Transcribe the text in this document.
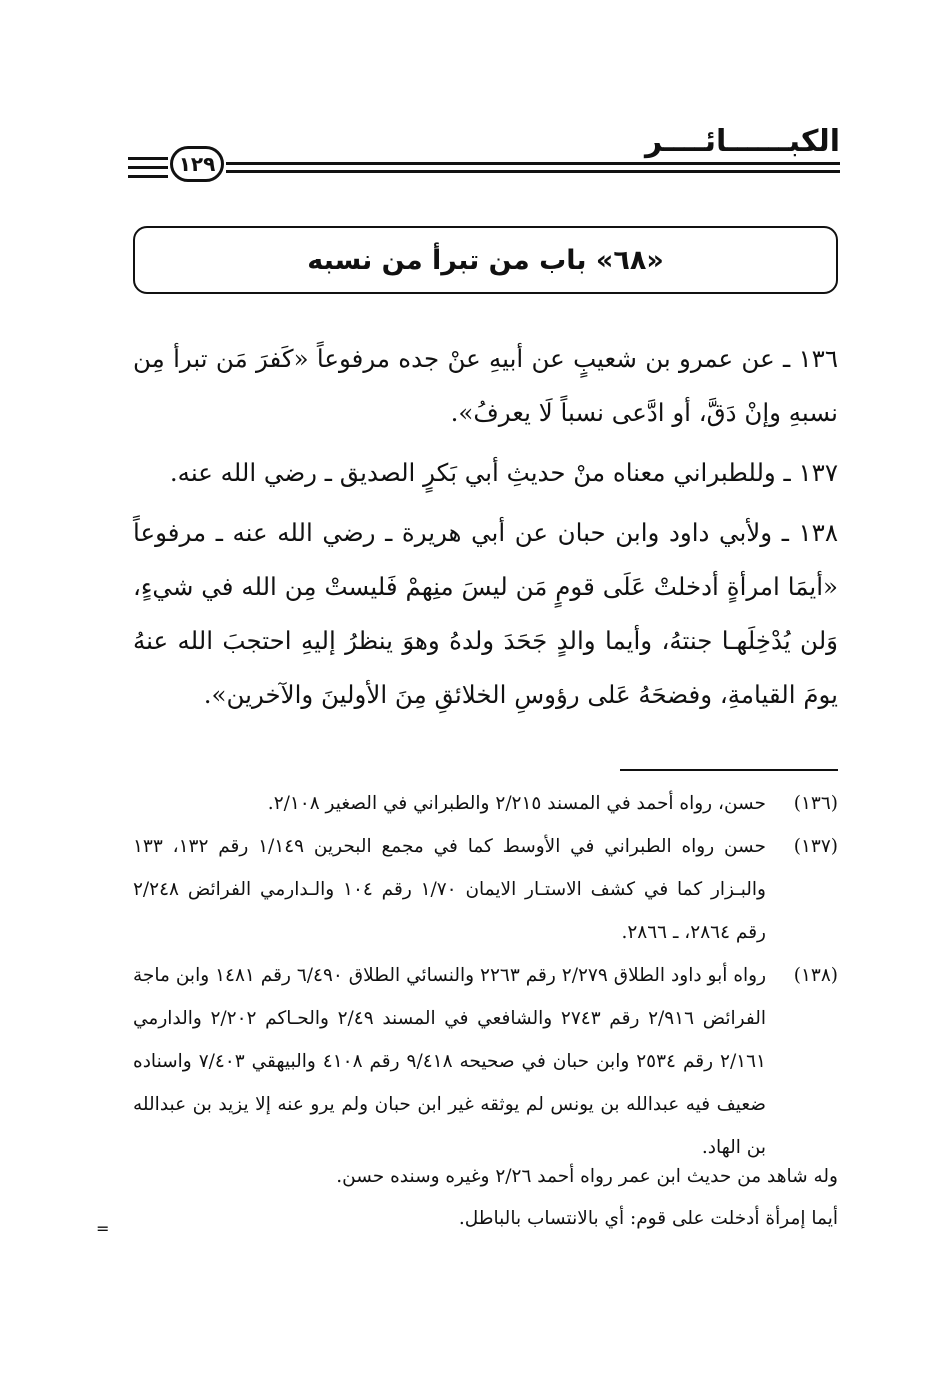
الكبــــــائــــر
١٢٩
«٦٨» باب من تبرأ من نسبه
١٣٦ ـ عن عمرو بن شعيبٍ عن أبيهِ عنْ جده مرفوعاً «كَفرَ مَن تبرأ مِن نسبهِ وإنْ دَقَّ، أو ادَّعى نسباً لَا يعرفُ».
١٣٧ ـ وللطبراني معناه منْ حديثِ أبي بَكرٍ الصديق ـ رضي الله عنه.
١٣٨ ـ ولأبي داود وابن حبان عن أبي هريرة ـ رضي الله عنه ـ مرفوعاً «أيمَا امرأةٍ أدخلتْ عَلَى قومٍ مَن ليسَ منِهمْ فَليستْ مِن الله في شيءٍ، وَلن يُدْخِلَهـا جنتهُ، وأيما والدٍ جَحَدَ ولدهُ وهوَ ينظرُ إليهِ احتجبَ الله عنهُ يومَ القيامةِ، وفضحَهُ عَلى رؤوسِ الخلائقِ مِنَ الأولينَ والآخرين».
(١٣٦)
حسن، رواه أحمد في المسند ٢/٢١٥ والطبراني في الصغير ٢/١٠٨.
(١٣٧)
حسن رواه الطبراني في الأوسط كما في مجمع البحرين ١/١٤٩ رقم ١٣٢، ١٣٣ والبـزار كما في كشف الاستـار الايمان ١/٧٠ رقم ١٠٤ والـدارمي الفرائض ٢/٢٤٨ رقم ٢٨٦٤، ـ ٢٨٦٦.
(١٣٨)
رواه أبو داود الطلاق ٢/٢٧٩ رقم ٢٢٦٣ والنسائي الطلاق ٦/٤٩٠ رقم ١٤٨١ وابن ماجة الفرائض ٢/٩١٦ رقم ٢٧٤٣ والشافعي في المسند ٢/٤٩ والحـاكم ٢/٢٠٢ والدارمي ٢/١٦١ رقم ٢٥٣٤ وابن حبان في صحيحه ٩/٤١٨ رقم ٤١٠٨ والبيهقي ٧/٤٠٣ واسناده ضعيف فيه عبدالله بن يونس لم يوثقه غير ابن حبان ولم يرو عنه إلا يزيد بن عبدالله بن الهاد.
وله شاهد من حديث ابن عمر رواه أحمد ٢/٢٦ وغيره وسنده حسن.
أيما إمرأة أدخلت على قوم: أي بالانتساب بالباطل.
=
